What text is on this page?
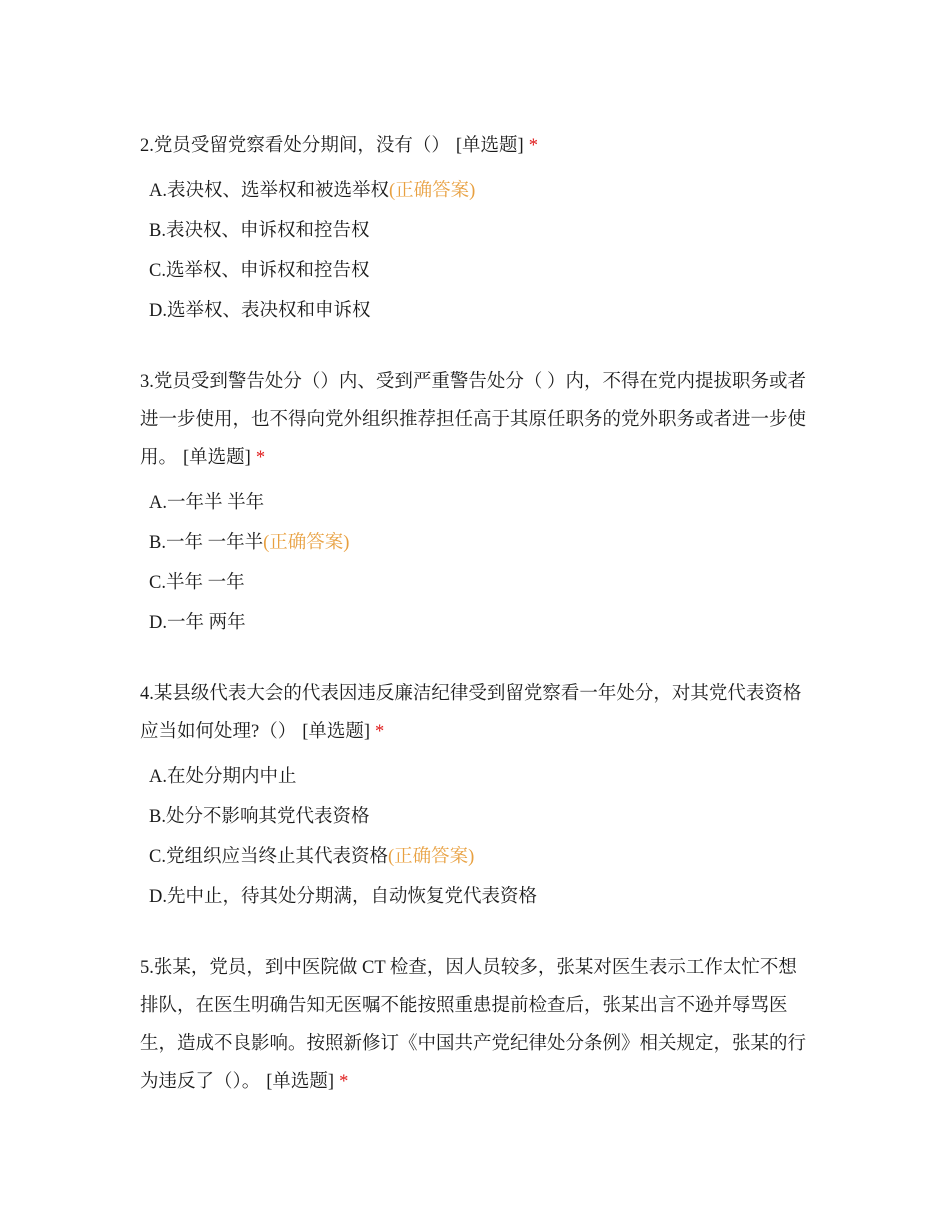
2.党员受留党察看处分期间，没有（） [单选题] *

A.表决权、选举权和被选举权(正确答案)
B.表决权、申诉权和控告权
C.选举权、申诉权和控告权
D.选举权、表决权和申诉权

3.党员受到警告处分（）内、受到严重警告处分（ ）内，不得在党内提拔职务或者进一步使用，也不得向党外组织推荐担任高于其原任职务的党外职务或者进一步使用。 [单选题] *

A.一年半 半年
B.一年 一年半(正确答案)
C.半年 一年
D.一年 两年

4.某县级代表大会的代表因违反廉洁纪律受到留党察看一年处分，对其党代表资格应当如何处理?（） [单选题] *

A.在处分期内中止
B.处分不影响其党代表资格
C.党组织应当终止其代表资格(正确答案)
D.先中止，待其处分期满，自动恢复党代表资格

5.张某，党员，到中医院做 CT 检查，因人员较多，张某对医生表示工作太忙不想排队，在医生明确告知无医嘱不能按照重患提前检查后，张某出言不逊并辱骂医生，造成不良影响。按照新修订《中国共产党纪律处分条例》相关规定，张某的行为违反了（）。 [单选题] *
